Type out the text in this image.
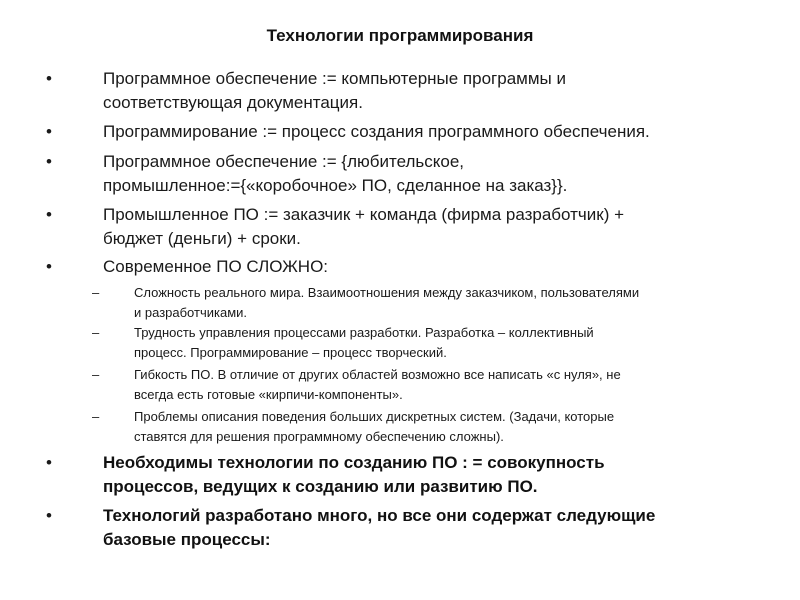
Технологии программирования
•	Программное обеспечение := компьютерные программы и
соответствующая документация.
•	Программирование := процесс создания программного обеспечения.
•	Программное обеспечение := {любительское,
промышленное:={«коробочное» ПО, сделанное на заказ}}.
•	Промышленное ПО := заказчик + команда (фирма разработчик) +
бюджет (деньги) + сроки.
•	Современное ПО СЛОЖНО:
–	Сложность реального мира. Взаимоотношения между заказчиком, пользователями
и разработчиками.
–	Трудность управления процессами разработки. Разработка – коллективный
процесс. Программирование – процесс творческий.
–	Гибкость ПО. В отличие от других областей возможно все написать «с нуля», не
всегда есть готовые «кирпичи-компоненты».
–	Проблемы описания поведения больших дискретных систем. (Задачи, которые
ставятся для решения программному обеспечению сложны).
•	Необходимы технологии по созданию ПО : = совокупность
процессов, ведущих к созданию или развитию ПО.
•	Технологий разработано много, но все они содержат следующие
базовые процессы:
